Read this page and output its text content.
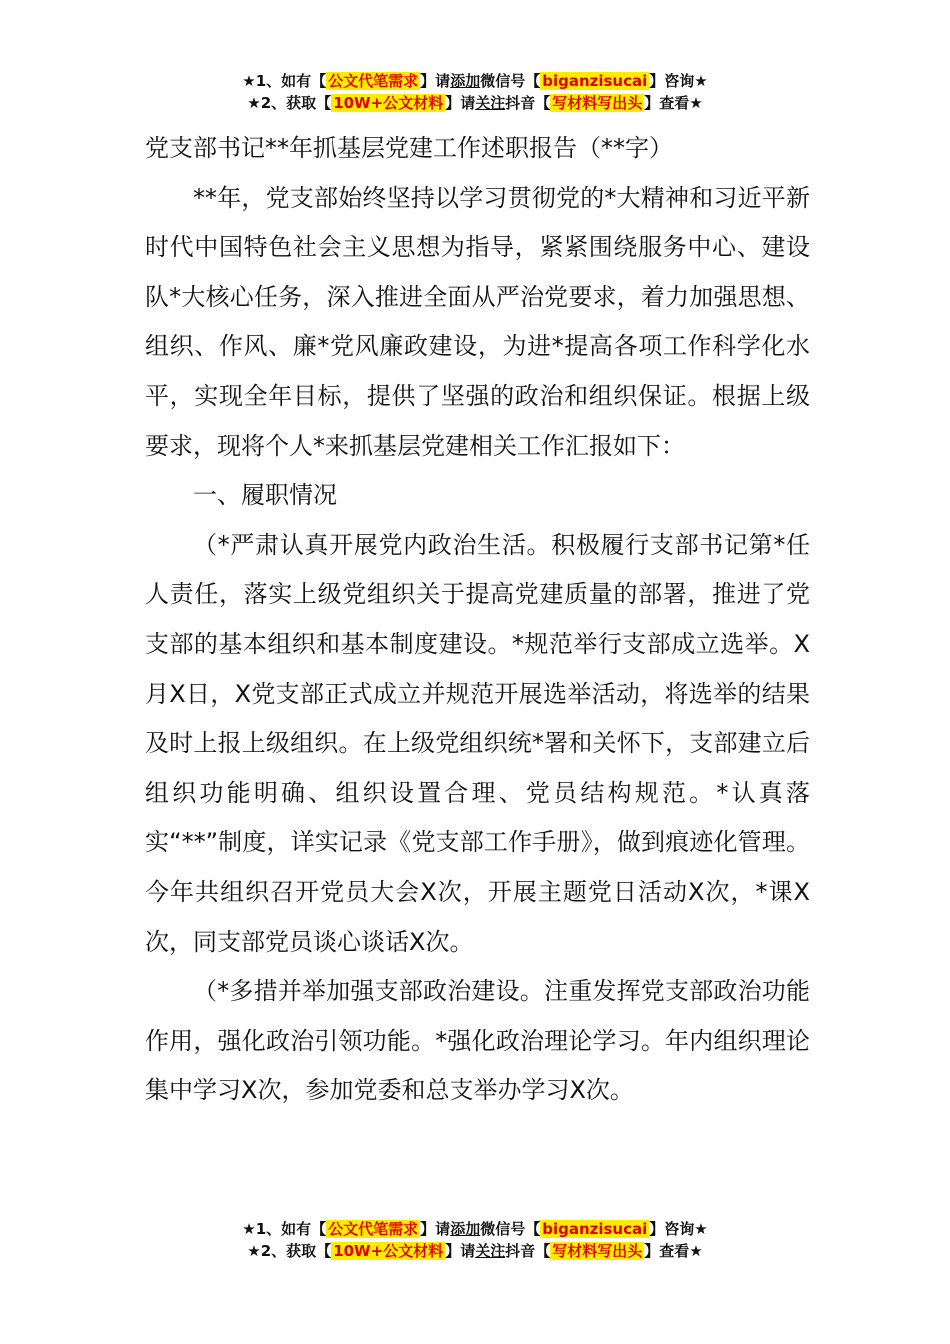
★1、如有【 公文代笔需求 】请添加微信号【 biganzisucai 】咨询★
★2、获取【 10W+公文材料 】请关注抖音【 写材料写出头 】查看★

党支部书记**年抓基层党建工作述职报告（**字）

**年，党支部始终坚持以学习贯彻党的*大精神和习近平新时代中国特色社会主义思想为指导，紧紧围绕服务中心、建设队*大核心任务，深入推进全面从严治党要求，着力加强思想、组织、作风、廉*党风廉政建设，为进*提高各项工作科学化水平，实现全年目标，提供了坚强的政治和组织保证。根据上级要求，现将个人*来抓基层党建相关工作汇报如下：

一、履职情况

（*严肃认真开展党内政治生活。积极履行支部书记第*任人责任，落实上级党组织关于提高党建质量的部署，推进了党支部的基本组织和基本制度建设。*规范举行支部成立选举。X月X日，X党支部正式成立并规范开展选举活动，将选举的结果及时上报上级组织。在上级党组织统*署和关怀下，支部建立后组织功能明确、组织设置合理、党员结构规范。*认真落实“**”制度，详实记录《党支部工作手册》，做到痕迹化管理。今年共组织召开党员大会X次，开展主题党日活动X次，*课X次，同支部党员谈心谈话X次。

（*多措并举加强支部政治建设。注重发挥党支部政治功能作用，强化政治引领功能。*强化政治理论学习。年内组织理论集中学习X次，参加党委和总支举办学习X次。

★1、如有【 公文代笔需求 】请添加微信号【 biganzisucai 】咨询★
★2、获取【 10W+公文材料 】请关注抖音【 写材料写出头 】查看★
